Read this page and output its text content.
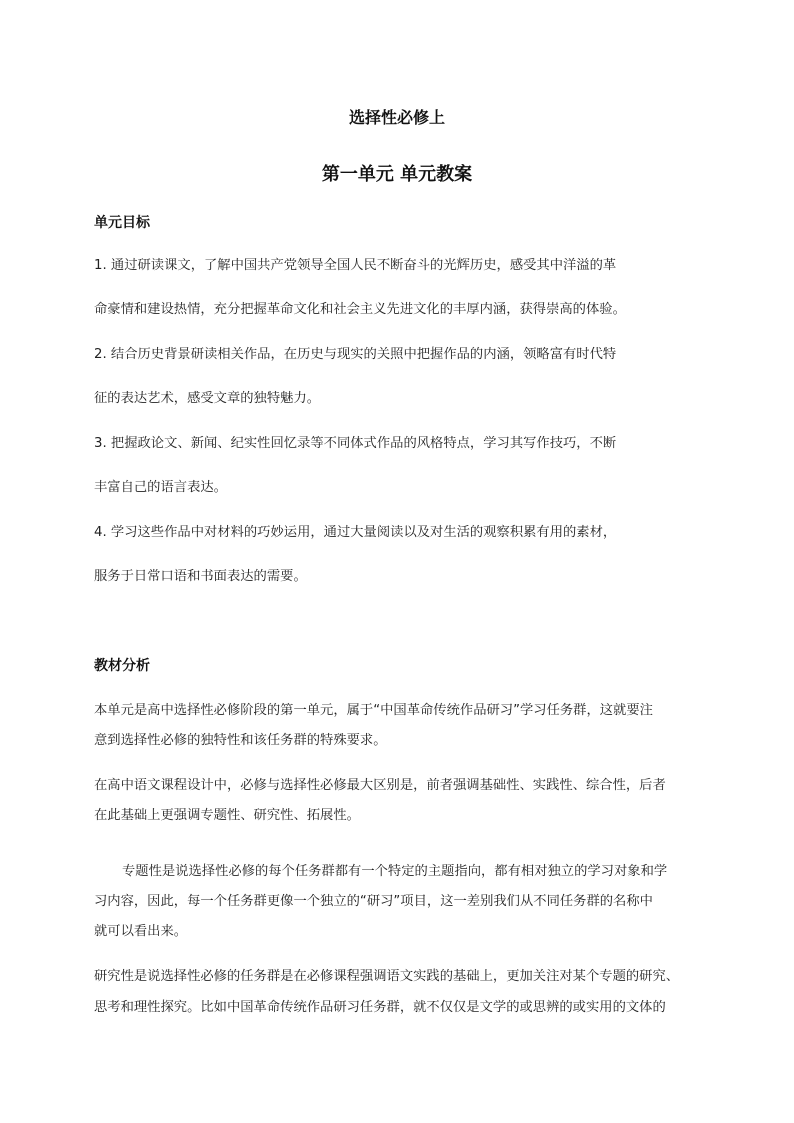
选择性必修上
第一单元 单元教案
单元目标
1. 通过研读课文，了解中国共产党领导全国人民不断奋斗的光辉历史，感受其中洋溢的革
命豪情和建设热情，充分把握革命文化和社会主义先进文化的丰厚内涵，获得崇高的体验。
2. 结合历史背景研读相关作品，在历史与现实的关照中把握作品的内涵，领略富有时代特
征的表达艺术，感受文章的独特魅力。
3. 把握政论文、新闻、纪实性回忆录等不同体式作品的风格特点，学习其写作技巧，不断
丰富自己的语言表达。
4. 学习这些作品中对材料的巧妙运用，通过大量阅读以及对生活的观察积累有用的素材，
服务于日常口语和书面表达的需要。
教材分析
本单元是高中选择性必修阶段的第一单元，属于“中国革命传统作品研习”学习任务群，这就要注
意到选择性必修的独特性和该任务群的特殊要求。
在高中语文课程设计中，必修与选择性必修最大区别是，前者强调基础性、实践性、综合性，后者
在此基础上更强调专题性、研究性、拓展性。
专题性是说选择性必修的每个任务群都有一个特定的主题指向，都有相对独立的学习对象和学
习内容，因此，每一个任务群更像一个独立的“研习”项目，这一差别我们从不同任务群的名称中
就可以看出来。
研究性是说选择性必修的任务群是在必修课程强调语文实践的基础上，更加关注对某个专题的研究、
思考和理性探究。比如中国革命传统作品研习任务群，就不仅仅是文学的或思辨的或实用的文体的
